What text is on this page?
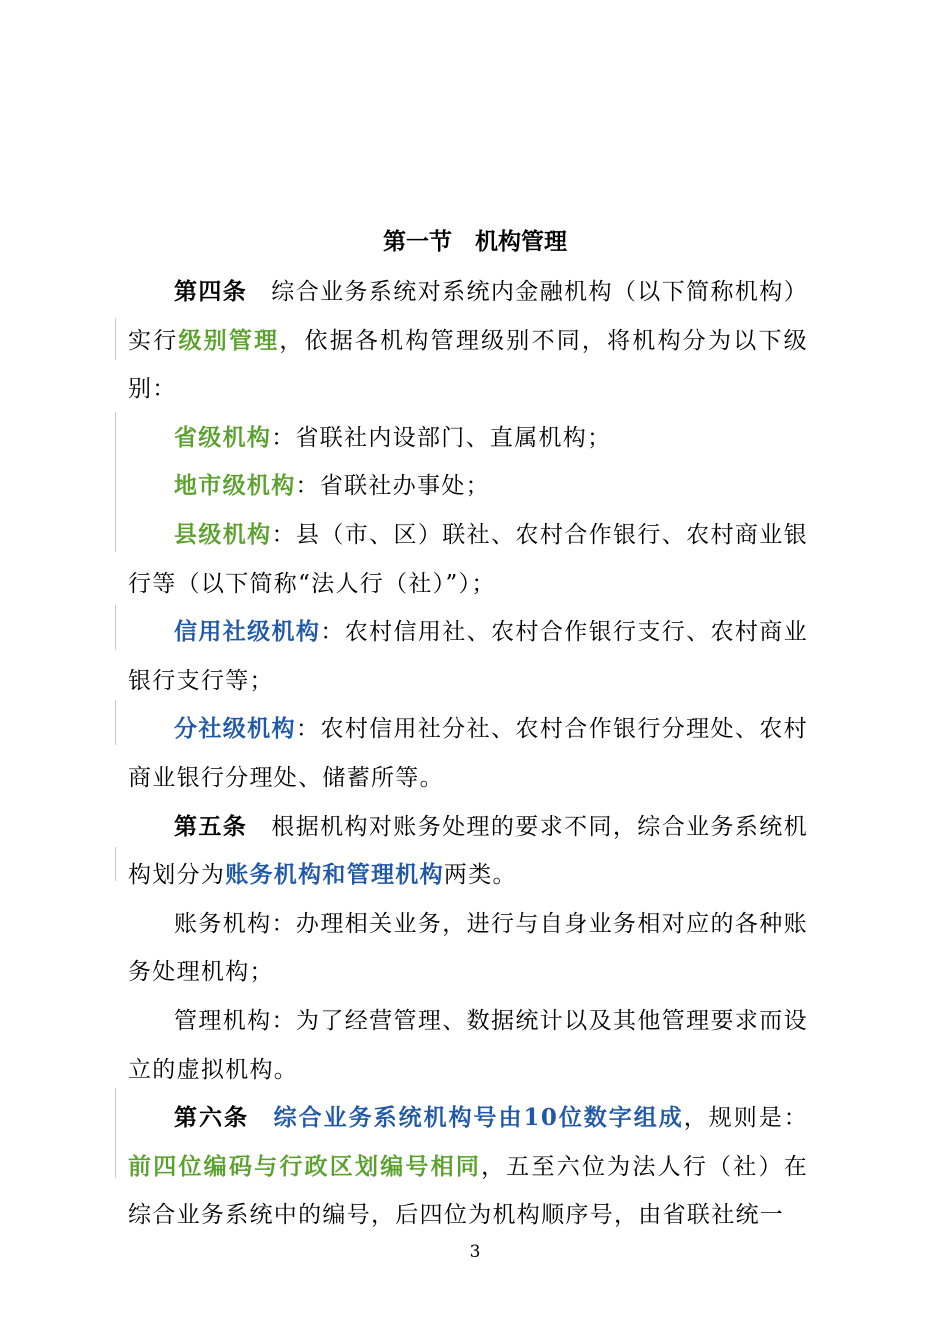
第一节　机构管理

第四条 综合业务系统对系统内金融机构（以下简称机构）实行级别管理，依据各机构管理级别不同，将机构分为以下级别：

省级机构：省联社内设部门、直属机构；

地市级机构：省联社办事处；

县级机构：县（市、区）联社、农村合作银行、农村商业银行等（以下简称“法人行（社）”）；

信用社级机构：农村信用社、农村合作银行支行、农村商业银行支行等；

分社级机构：农村信用社分社、农村合作银行分理处、农村商业银行分理处、储蓄所等。

第五条 根据机构对账务处理的要求不同，综合业务系统机构划分为账务机构和管理机构两类。

账务机构：办理相关业务，进行与自身业务相对应的各种账务处理机构；

管理机构：为了经营管理、数据统计以及其他管理要求而设立的虚拟机构。

第六条 综合业务系统机构号由10位数字组成，规则是：前四位编码与行政区划编号相同，五至六位为法人行（社）在综合业务系统中的编号，后四位为机构顺序号，由省联社统一

3
